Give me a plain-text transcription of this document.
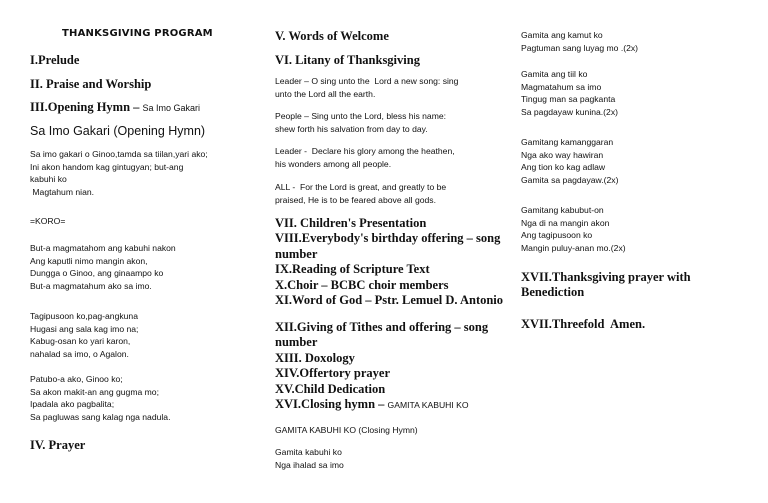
THANKSGIVING PROGRAM
I.Prelude
II. Praise and Worship
III.Opening Hymn – Sa Imo Gakari
Sa Imo Gakari (Opening Hymn)
Sa imo gakari o Ginoo,tamda sa tiilan,yari ako;
Ini akon handom kag gintugyan; but-ang
kabuhi ko
Magtahum nian.
=KORO=
But-a magmatahom ang kabuhi nakon
Ang kaputli nimo mangin akon,
Dungga o Ginoo, ang ginaampo ko
But-a magmatahum ako sa imo.
Tagipusoon ko,pag-angkuna
Hugasi ang sala kag imo na;
Kabug-osan ko yari karon,
nahalad sa imo, o Agalon.
Patubo-a ako, Ginoo ko;
Sa akon makit-an ang gugma mo;
Ipadala ako pagbalita;
Sa pagluwas sang kalag nga nadula.
IV. Prayer
V. Words of Welcome
VI. Litany of Thanksgiving
Leader – O sing unto the  Lord a new song: sing
unto the Lord all the earth.
People – Sing unto the Lord, bless his name:
shew forth his salvation from day to day.
Leader -  Declare his glory among the heathen,
his wonders among all people.
ALL -  For the Lord is great, and greatly to be
praised, He is to be feared above all gods.
VII. Children's Presentation
VIII.Everybody's birthday offering – song
number
IX.Reading of Scripture Text
X.Choir – BCBC choir members
XI.Word of God – Pstr. Lemuel D. Antonio
XII.Giving of Tithes and offering – song
number
XIII. Doxology
XIV.Offertory prayer
XV.Child Dedication
XVI.Closing hymn – GAMITA KABUHI KO
GAMITA KABUHI KO (Closing Hymn)
Gamita kabuhi ko
Nga ihalad sa imo
Gamita ang kamut ko
Pagtuman sang luyag mo .(2x)
Gamita ang tiil ko
Magmatahum sa imo
Tingug man sa pagkanta
Sa pagdayaw kunina.(2x)
Gamitang kamanggaran
Nga ako way hawiran
Ang tion ko kag adlaw
Gamita sa pagdayaw.(2x)
Gamitang kabubut-on
Nga di na mangin akon
Ang tagipusoon ko
Mangin puluy-anan mo.(2x)
XVII.Thanksgiving prayer with
Benediction
XVII.Threefold  Amen.
